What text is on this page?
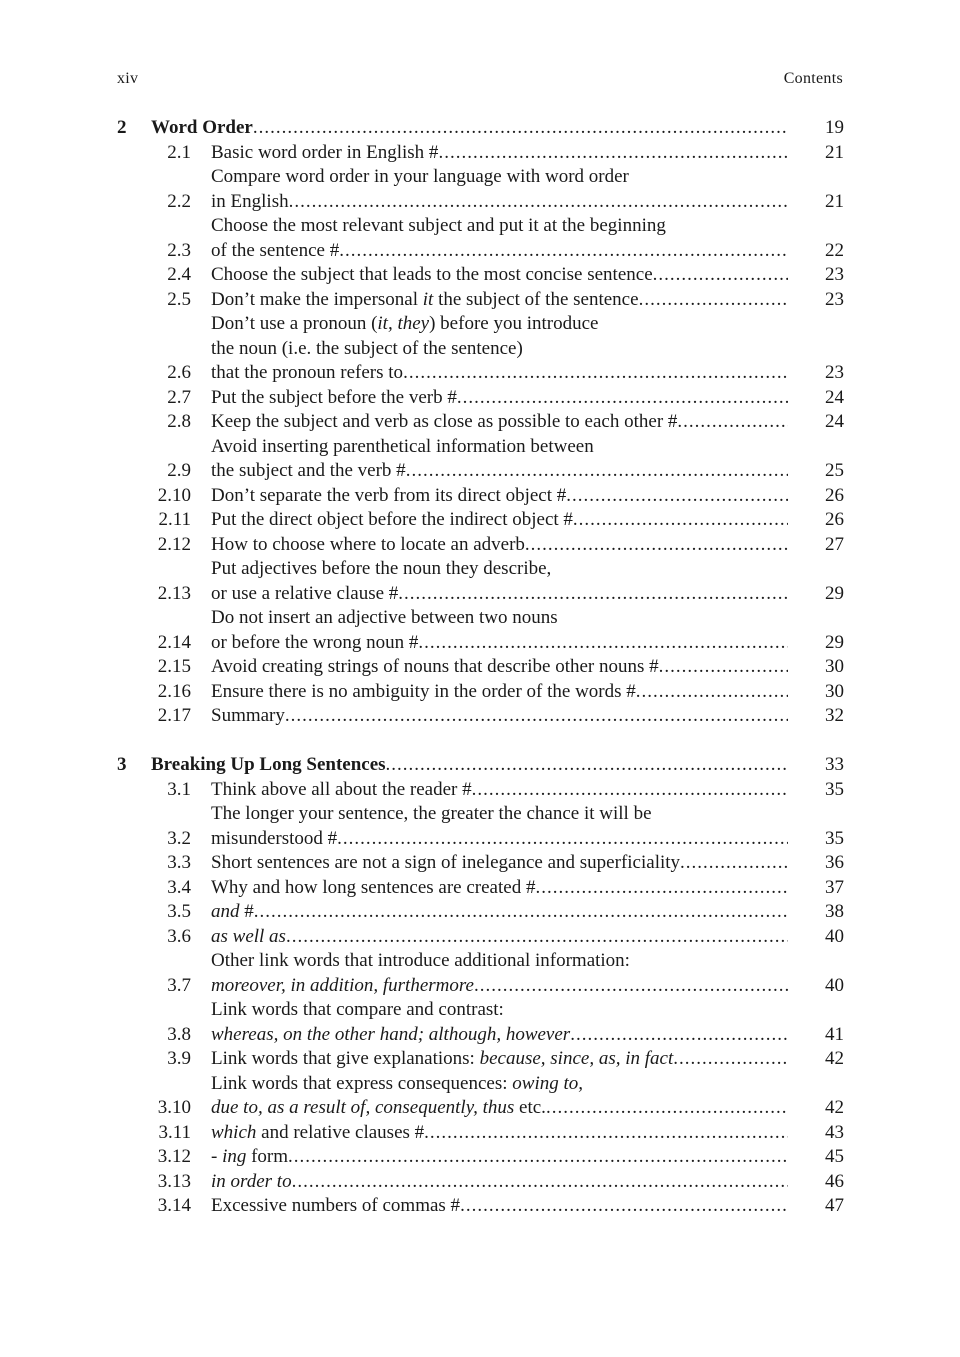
xiv	Contents
2	Word Order .....	19
2.1 Basic word order in English # .....	21
2.2
Compare word order in your language with word order
in English .....	21
2.3
Choose the most relevant subject and put it at the beginning
of the sentence # .....	22
2.4 Choose the subject that leads to the most concise sentence .....	23
2.5 Don’t make the impersonal it the subject of the sentence .....	23
2.6
Don’t use a pronoun (it, they) before you introduce
the noun (i.e. the subject of the sentence)
that the pronoun refers to .....	23
2.7 Put the subject before the verb # .....	24
2.8 Keep the subject and verb as close as possible to each other # .....	24
2.9
Avoid inserting parenthetical information between
the subject and the verb # .....	25
2.10 Don’t separate the verb from its direct object # .....	26
2.11 Put the direct object before the indirect object # .....	26
2.12 How to choose where to locate an adverb .....	27
2.13
Put adjectives before the noun they describe,
or use a relative clause # .....	29
2.14
Do not insert an adjective between two nouns
or before the wrong noun # .....	29
2.15 Avoid creating strings of nouns that describe other nouns # .....	30
2.16 Ensure there is no ambiguity in the order of the words # .....	30
2.17 Summary .....	32
3	Breaking Up Long Sentences .....	33
3.1 Think above all about the reader # .....	35
3.2
The longer your sentence, the greater the chance it will be
misunderstood # .....	35
3.3 Short sentences are not a sign of inelegance and superficiality .....	36
3.4 Why and how long sentences are created # .....	37
3.5 and # .....	38
3.6 as well as .....	40
3.7
Other link words that introduce additional information:
moreover, in addition, furthermore .....	40
3.8
Link words that compare and contrast:
whereas, on the other hand; although, however .....	41
3.9 Link words that give explanations: because, since, as, in fact .....	42
3.10
Link words that express consequences: owing to,
due to, as a result of, consequently, thus etc. .....	42
3.11 which and relative clauses # .....	43
3.12 - ing form .....	45
3.13 in order to .....	46
3.14 Excessive numbers of commas # .....	47
